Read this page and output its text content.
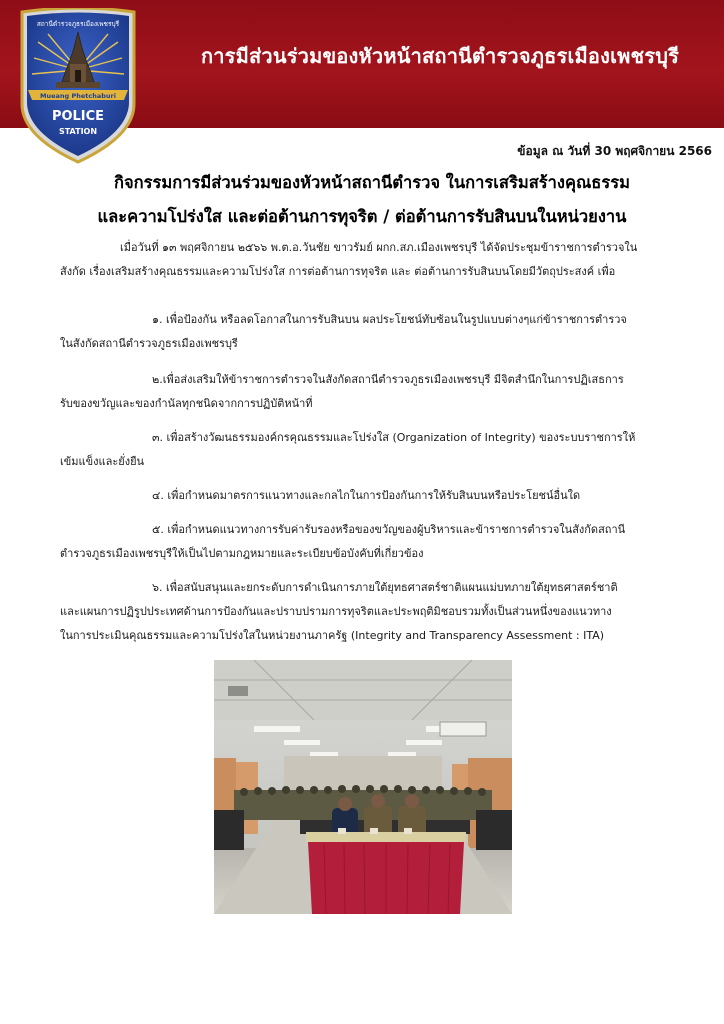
การมีส่วนร่วมของหัวหน้าสถานีตำรวจภูธรเมืองเพชรบุรี
สถานีตำรวจภูธรเมืองเพชรบุรี
Mueang Phetchaburi
POLICE
STATION
ข้อมูล ณ วันที่ 30 พฤศจิกายน 2566
กิจกรรมการมีส่วนร่วมของหัวหน้าสถานีตำรวจ ในการเสริมสร้างคุณธรรม
และความโปร่งใส และต่อต้านการทุจริต / ต่อต้านการรับสินบนในหน่วยงาน
เมื่อวันที่ ๑๓ พฤศจิกายน ๒๕๖๖ พ.ต.อ.วันชัย ขาวรัมย์ ผกก.สภ.เมืองเพชรบุรี ได้จัดประชุมข้าราชการตำรวจใน
สังกัด เรื่องเสริมสร้างคุณธรรมและความโปร่งใส การต่อต้านการทุจริต และ ต่อต้านการรับสินบนโดยมีวัตถุประสงค์ เพื่อ
๑. เพื่อป้องกัน หรือลดโอกาสในการรับสินบน ผลประโยชน์ทับซ้อนในรูปแบบต่างๆแก่ข้าราชการตำรวจ
ในสังกัดสถานีตำรวจภูธรเมืองเพชรบุรี
๒.เพื่อส่งเสริมให้ข้าราชการตำรวจในสังกัดสถานีตำรวจภูธรเมืองเพชรบุรี มีจิตสำนึกในการปฏิเสธการ
รับของขวัญและของกำนัลทุกชนิดจากการปฏิบัติหน้าที่
๓. เพื่อสร้างวัฒนธรรมองค์กรคุณธรรมและโปร่งใส (Organization of Integrity) ของระบบราชการให้
เข้มแข็งและยั่งยืน
๔. เพื่อกำหนดมาตรการแนวทางและกลไกในการป้องกันการให้รับสินบนหรือประโยชน์อื่นใด
๕. เพื่อกำหนดแนวทางการรับค่ารับรองหรือของขวัญของผู้บริหารและข้าราชการตำรวจในสังกัดสถานี
ตำรวจภูธรเมืองเพชรบุรีให้เป็นไปตามกฎหมายและระเบียบข้อบังคับที่เกี่ยวข้อง
๖. เพื่อสนับสนุนและยกระดับการดำเนินการภายใต้ยุทธศาสตร์ชาติแผนแม่บทภายใต้ยุทธศาสตร์ชาติ
และแผนการปฏิรูปประเทศด้านการป้องกันและปราบปรามการทุจริตและประพฤติมิชอบรวมทั้งเป็นส่วนหนึ่งของแนวทาง
ในการประเมินคุณธรรมและความโปร่งใสในหน่วยงานภาครัฐ (Integrity and Transparency Assessment : ITA)
